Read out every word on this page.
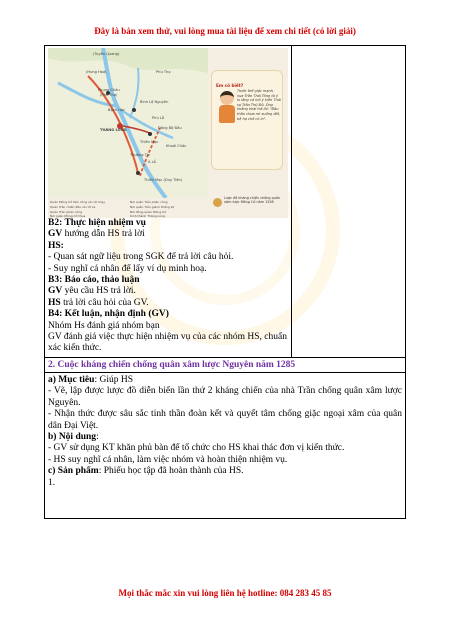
Đây là bản xem thử, vui lòng mua tài liệu để xem chi tiết (có lời giải)
(Tuyên Quang)
(Hưng Hoá)	Phú Thọ
Phụng Châu
(Phú Thọ)
Bình Lệ Nguyên
Phù Lỗ
Bạch Hạc
Đông Bộ Đầu
THĂNG LONG
Thiên Mạc
Thường Tín
A Lỗ
Khoái Châu
Thiên Mạc (Duy Tiên)
Em có biết?
Trước thế giặc mạnh, vua Trần Thái Tông từ ý lo lắng và hỏi ý kiến Thái sư Trần Thủ Độ. Ông khẳng khái trả lời: "Đầu thần chưa rơi xuống đất, bệ hạ chớ có lo".
Lược đồ kháng chiến chống quân xâm lược Mông Cổ năm 1258
Quân Mông Cổ tiến công và rút chạy	Nơi quân Trần phản công
Quân Trần chiến đấu và rút lui	Nơi quân Trần giành thắng lợi
Quân Trần phản công	Nơi đóng quân Mông Cổ
Nơi quân Mông Cổ thua	Kinh thành Thăng Long

B2: Thực hiện nhiệm vụ

GV hướng dẫn HS trả lời

HS:

- Quan sát ngữ liệu trong SGK để trả lời câu hỏi.

- Suy nghĩ cá nhân để lấy ví dụ minh hoạ.

B3: Báo cáo, thảo luận

GV yêu cầu HS trả lời.

HS trả lời câu hỏi của GV.

B4: Kết luận, nhận định (GV)

Nhóm Hs đánh giá nhóm bạn

GV đánh giá việc thực hiện nhiệm vụ của các nhóm HS, chuẩn xác kiến thức.

2. Cuộc kháng chiến chống quân xâm lược Nguyên năm 1285

a) Mục tiêu: Giúp HS

- Vẽ, lập được lược đồ diễn biến lần thứ 2 kháng chiến của nhà Trần chống quân xâm lược Nguyên.

- Nhận thức được sâu sắc tinh thần đoàn kết và quyết tâm chống giặc ngoại xâm của quân dân Đại Việt.

b) Nội dung:

- GV sử dụng KT khăn phủ bàn để tổ chức cho HS khai thác đơn vị kiến thức.

- HS suy nghĩ cá nhân, làm việc nhóm và hoàn thiện nhiệm vụ.

c) Sản phẩm: Phiếu học tập đã hoàn thành của HS.

1.

Mọi thắc mắc xin vui lòng liên hệ hotline: 084 283 45 85
